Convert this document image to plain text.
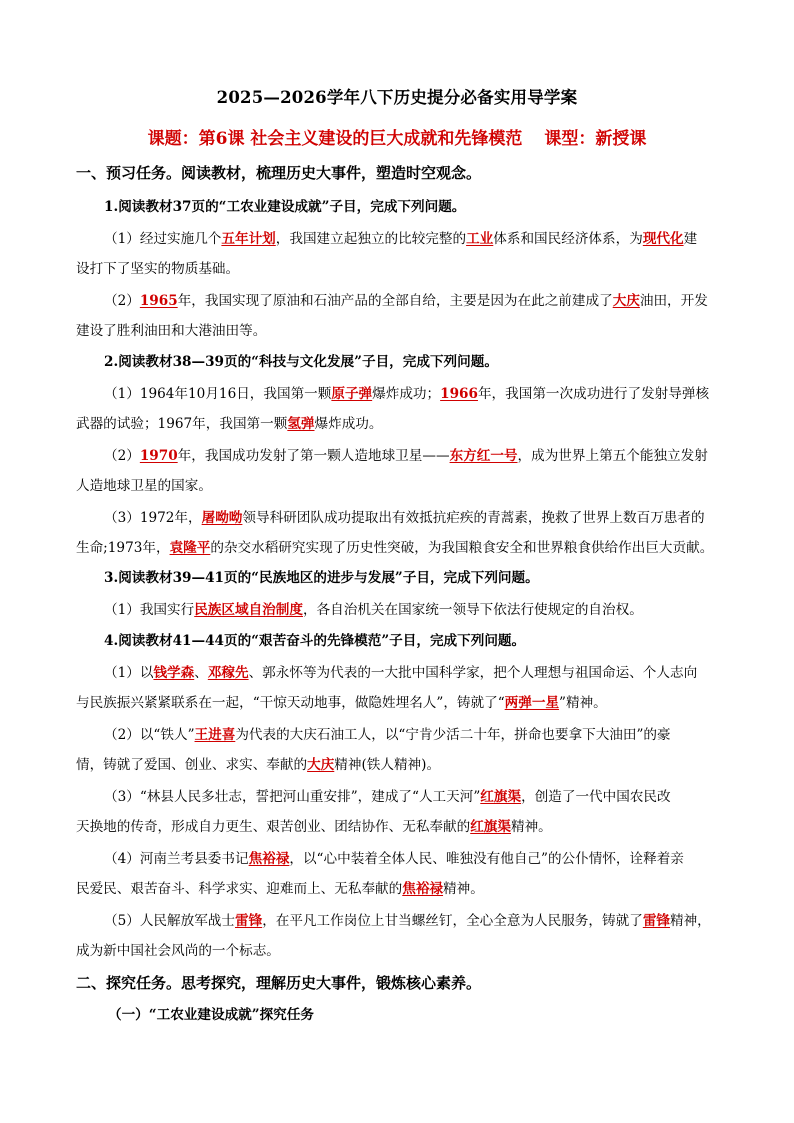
2025—2026学年八下历史提分必备实用导学案
课题：第6课 社会主义建设的巨大成就和先锋模范 课型：新授课
一、预习任务。阅读教材，梳理历史大事件，塑造时空观念。
1.阅读教材37页的“工农业建设成就”子目，完成下列问题。
（1）经过实施几个五年计划，我国建立起独立的比较完整的工业体系和国民经济体系，为现代化建
设打下了坚实的物质基础。
（2）1965年，我国实现了原油和石油产品的全部自给，主要是因为在此之前建成了大庆油田，开发
建设了胜利油田和大港油田等。
2.阅读教材38—39页的“科技与文化发展”子目，完成下列问题。
（1）1964年10月16日，我国第一颗原子弹爆炸成功；1966年，我国第一次成功进行了发射导弹核
武器的试验；1967年，我国第一颗氢弹爆炸成功。
（2）1970年，我国成功发射了第一颗人造地球卫星——东方红一号，成为世界上第五个能独立发射
人造地球卫星的国家。
（3）1972年，屠呦呦领导科研团队成功提取出有效抵抗疟疾的青蒿素，挽救了世界上数百万患者的
生命;1973年，袁隆平的杂交水稻研究实现了历史性突破，为我国粮食安全和世界粮食供给作出巨大贡献。
3.阅读教材39—41页的“民族地区的进步与发展”子目，完成下列问题。
（1）我国实行民族区域自治制度，各自治机关在国家统一领导下依法行使规定的自治权。
4.阅读教材41—44页的“艰苦奋斗的先锋模范”子目，完成下列问题。
（1）以钱学森、邓稼先、郭永怀等为代表的一大批中国科学家，把个人理想与祖国命运、个人志向
与民族振兴紧紧联系在一起，“干惊天动地事，做隐姓埋名人”，铸就了“两弹一星”精神。
（2）以“铁人”王进喜为代表的大庆石油工人，以“宁肯少活二十年，拼命也要拿下大油田”的豪
情，铸就了爱国、创业、求实、奉献的大庆精神(铁人精神)。
（3）“林县人民多壮志，誓把河山重安排”，建成了“人工天河”红旗渠，创造了一代中国农民改
天换地的传奇，形成自力更生、艰苦创业、团结协作、无私奉献的红旗渠精神。
（4）河南兰考县委书记焦裕禄，以“心中装着全体人民、唯独没有他自己”的公仆情怀，诠释着亲
民爱民、艰苦奋斗、科学求实、迎难而上、无私奉献的焦裕禄精神。
（5）人民解放军战士雷锋，在平凡工作岗位上甘当螺丝钉，全心全意为人民服务，铸就了雷锋精神，
成为新中国社会风尚的一个标志。
二、探究任务。思考探究，理解历史大事件，锻炼核心素养。
（一）“工农业建设成就”探究任务
